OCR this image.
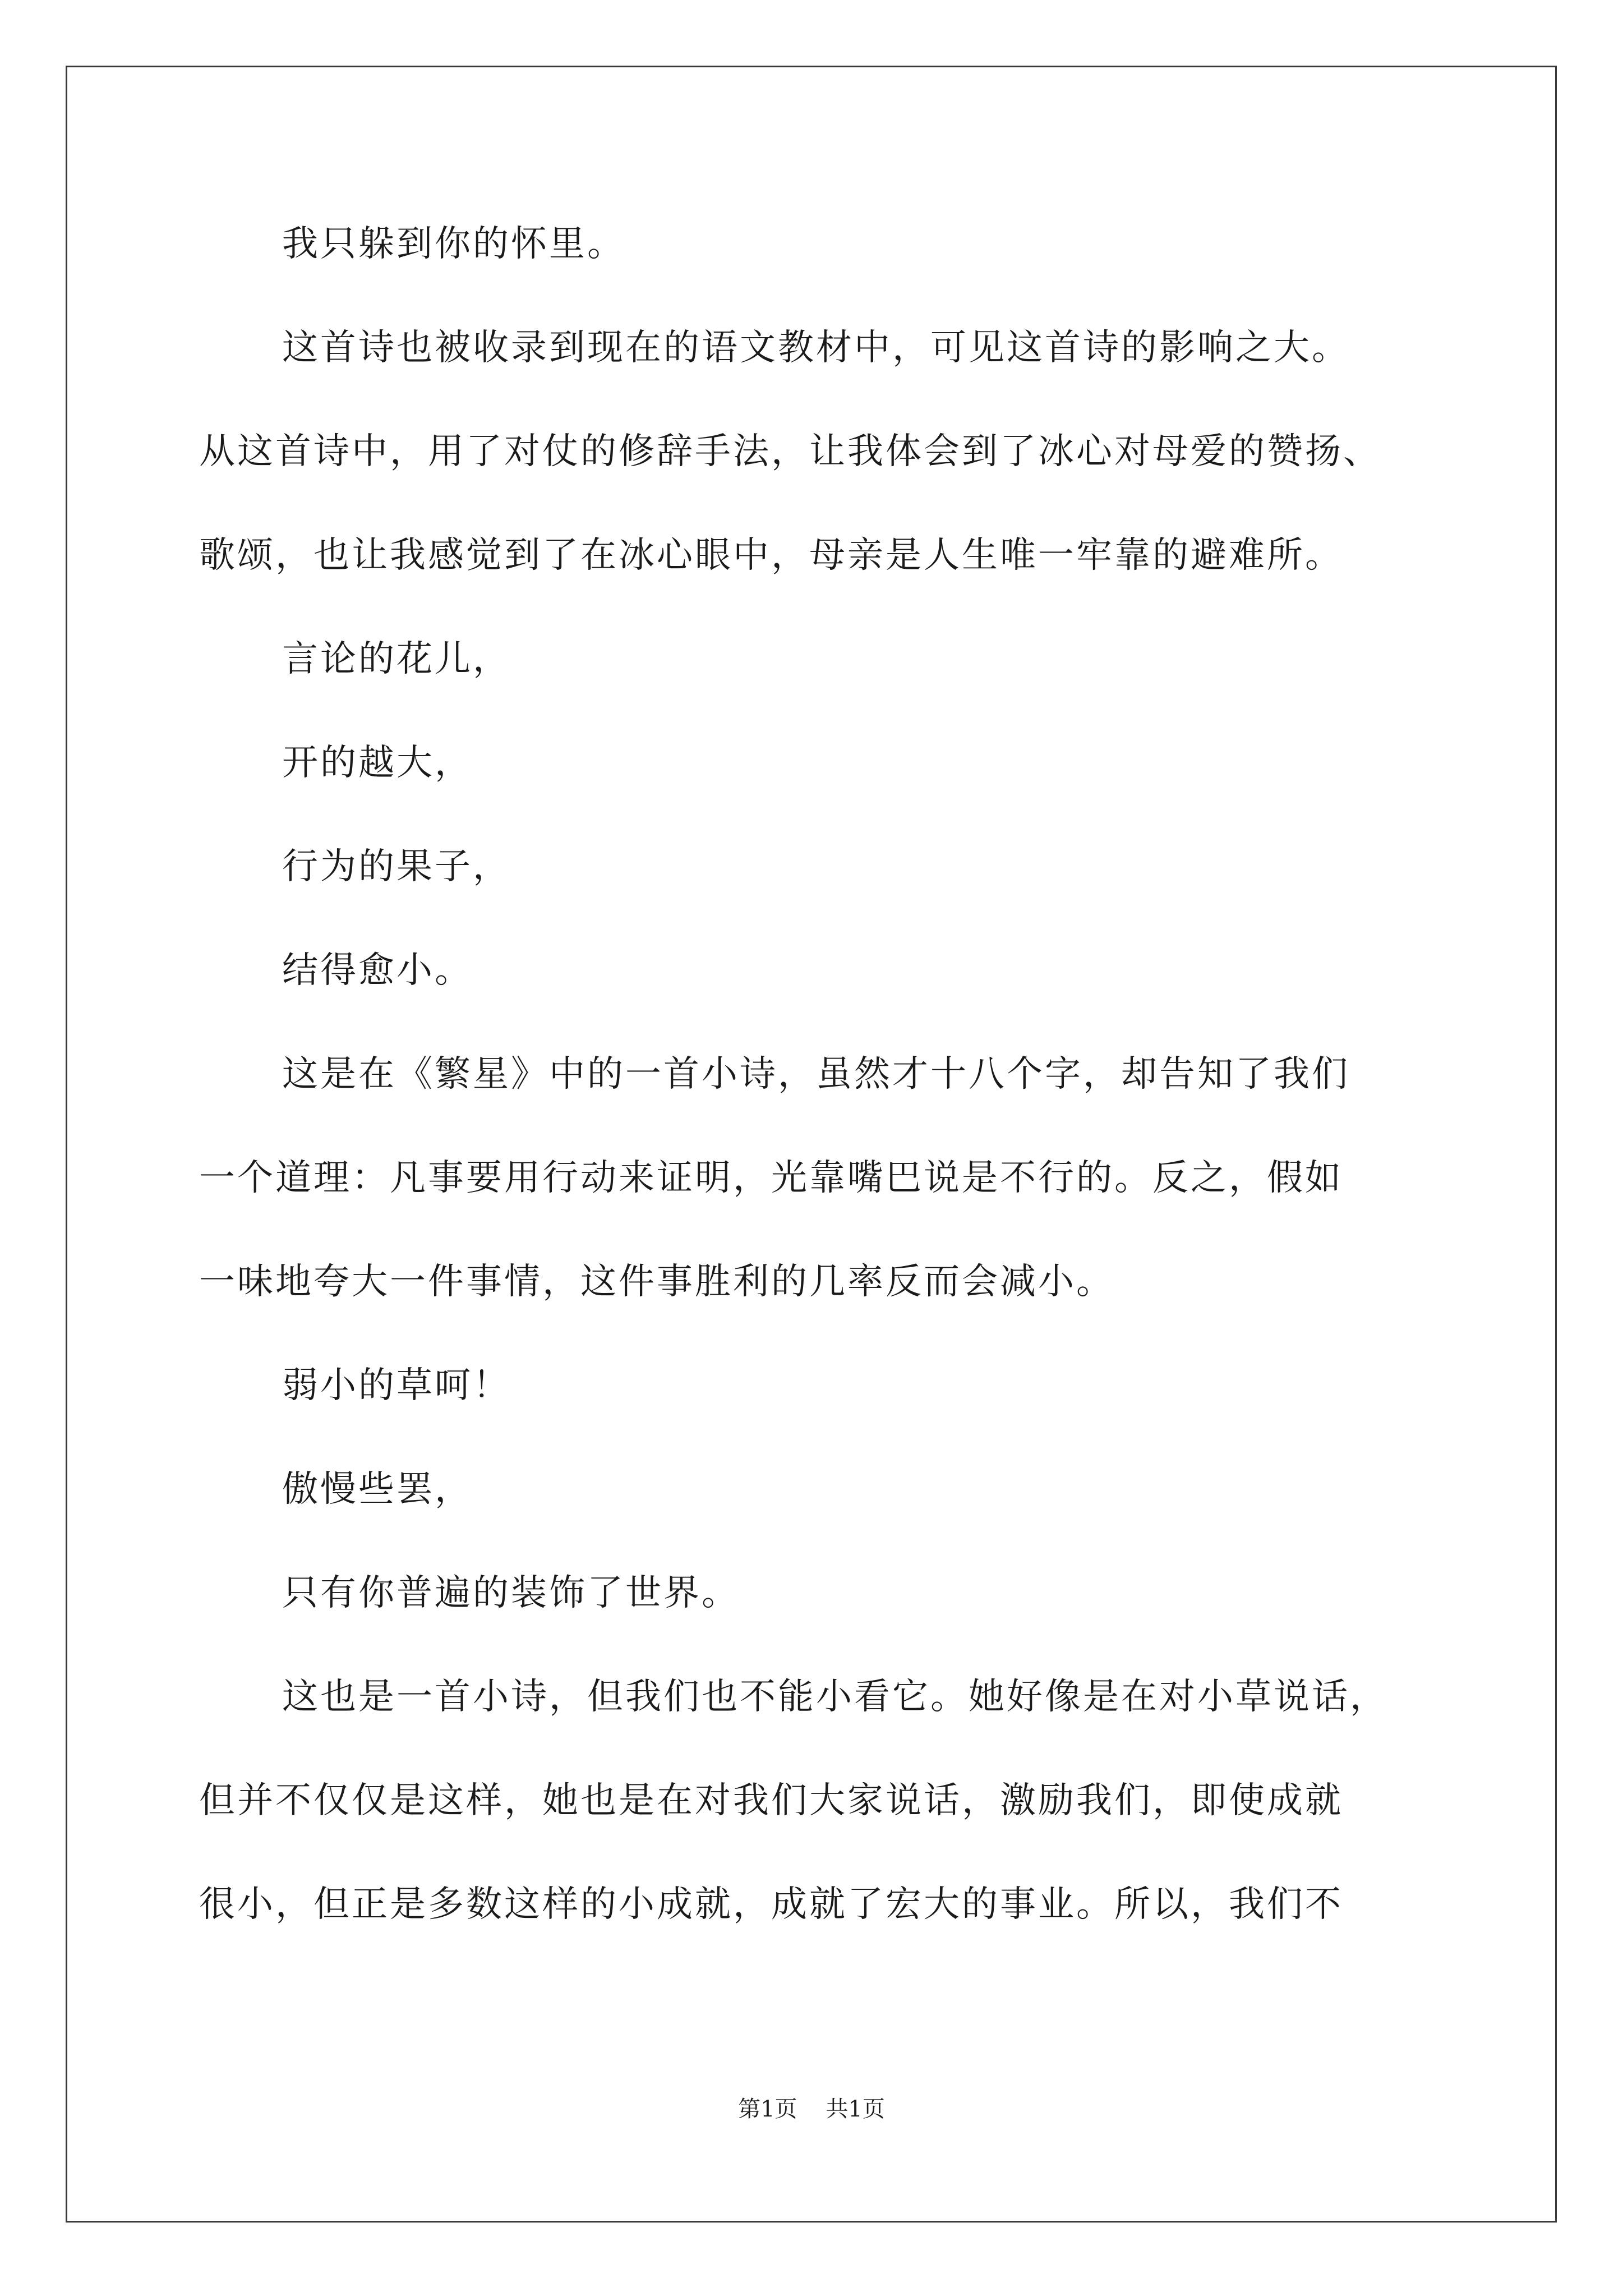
我只躲到你的怀里。
这首诗也被收录到现在的语文教材中，可见这首诗的影响之大。
从这首诗中，用了对仗的修辞手法，让我体会到了冰心对母爱的赞扬、
歌颂，也让我感觉到了在冰心眼中，母亲是人生唯一牢靠的避难所。
言论的花儿，
开的越大，
行为的果子，
结得愈小。
这是在《繁星》中的一首小诗，虽然才十八个字，却告知了我们
一个道理：凡事要用行动来证明，光靠嘴巴说是不行的。反之，假如
一味地夸大一件事情，这件事胜利的几率反而会减小。
弱小的草呵！
傲慢些罢，
只有你普遍的装饰了世界。
这也是一首小诗，但我们也不能小看它。她好像是在对小草说话，
但并不仅仅是这样，她也是在对我们大家说话，激励我们，即使成就
很小，但正是多数这样的小成就，成就了宏大的事业。所以，我们不
第1页    共1页
